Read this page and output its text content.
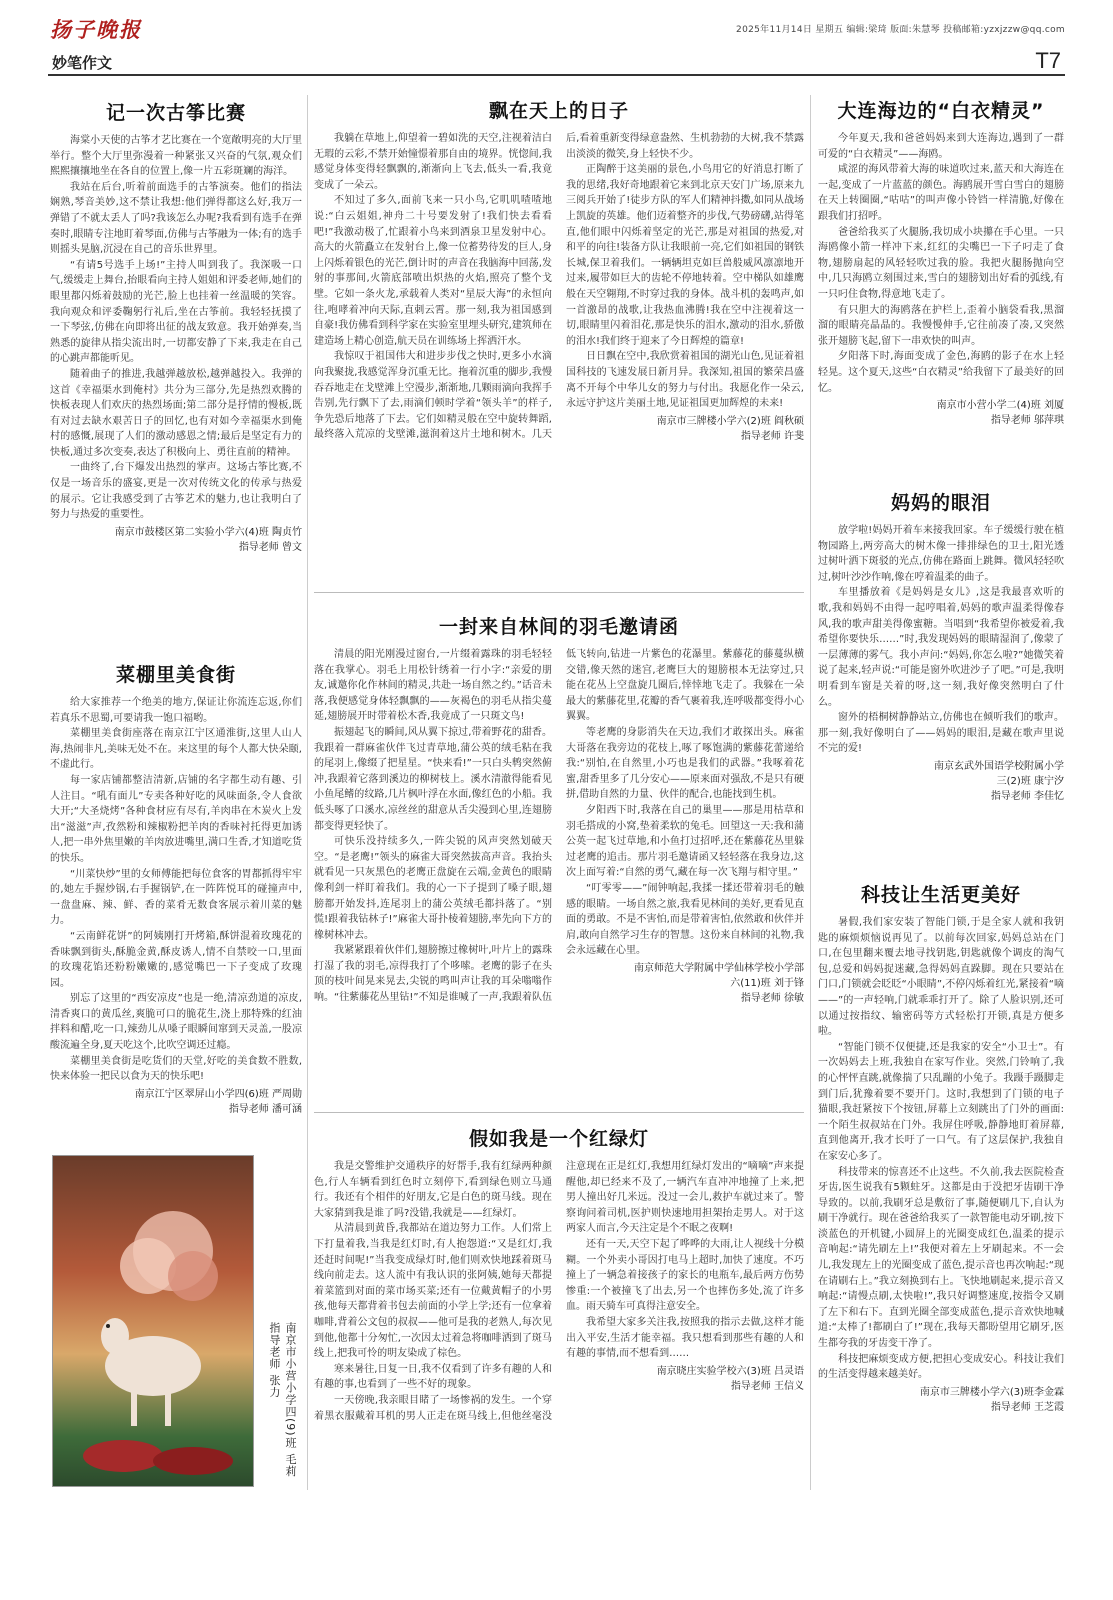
扬子晚报	2025年11月14日 星期五 编辑:梁琦 版面:朱慧琴 投稿邮箱:yzxjzzw@qq.com
妙笔作文	T7
记一次古筝比赛

海棠小天使的古筝才艺比赛在一个宽敞明亮的大厅里举行。整个大厅里弥漫着一种紧张又兴奋的气氛,观众们熙熙攘攘地坐在各自的位置上,像一片五彩斑斓的海洋。

我站在后台,听着前面选手的古筝演奏。他们的指法娴熟,琴音美妙,这不禁让我想:他们弹得都这么好,我万一弹错了不就太丢人了吗?我该怎么办呢?我看到有选手在弹奏时,眼睛专注地盯着琴面,仿佛与古筝融为一体;有的选手则摇头晃脑,沉浸在自己的音乐世界里。

“有请5号选手上场!”主持人叫到我了。我深吸一口气,缓缓走上舞台,抬眼看向主持人姐姐和评委老师,她们的眼里都闪烁着鼓励的光芒,脸上也挂着一丝温暖的笑容。我向观众和评委鞠躬行礼后,坐在古筝前。我轻轻抚摸了一下琴弦,仿佛在向即将出征的战友致意。我开始弹奏,当熟悉的旋律从指尖流出时,一切都安静了下来,我走在自己的心跳声都能听见。

随着曲子的推进,我越弹越放松,越弹越投入。我弹的这首《幸福渠水到俺村》共分为三部分,先是热烈欢腾的快板表现人们欢庆的热烈场面;第二部分是抒情的慢板,既有对过去缺水艰苦日子的回忆,也有对如今幸福渠水到俺村的感慨,展现了人们的激动感恩之情;最后是坚定有力的快板,通过多次变奏,表达了积极向上、勇往直前的精神。

一曲终了,台下爆发出热烈的掌声。这场古筝比赛,不仅是一场音乐的盛宴,更是一次对传统文化的传承与热爱的展示。它让我感受到了古筝艺术的魅力,也让我明白了努力与热爱的重要性。

南京市鼓楼区第二实验小学六(4)班 陶贞竹
指导老师 曾文
菜棚里美食街

给大家推荐一个绝美的地方,保证让你流连忘返,你们若真乐不思蜀,可要请我一饱口福哟。

菜棚里美食街座落在南京江宁区通淮街,这里人山人海,热闹非凡,美味无处不在。来这里的每个人都大快朵颐,不虚此行。

每一家店铺都整洁清新,店铺的名字都生动有趣、引人注目。“吼有面儿”专卖各种好吃的风味面条,令人食欲大开;“大圣烧烤”各种食材应有尽有,羊肉串在木炭火上发出“滋滋”声,孜然粉和辣椒粉把羊肉的香味衬托得更加诱人,把一串外焦里嫩的羊肉放进嘴里,满口生香,才知道吃货的快乐。

“川菜快炒”里的女师傅能把每位食客的胃都抓得牢牢的,她左手握炒锅,右手握锅铲,在一阵阵悦耳的碰撞声中,一盘盘麻、辣、鲜、香的菜肴无数食客展示着川菜的魅力。

“云南鲜花饼”的阿姨刚打开烤箱,酥饼混着玫瑰花的香味飘到街头,酥脆金黄,酥皮诱人,情不自禁咬一口,里面的玫瑰花馅还粉粉嫩嫩的,感觉嘴巴一下子变成了玫瑰园。

别忘了这里的“西安凉皮”也是一绝,清凉劲道的凉皮,清香爽口的黄瓜丝,爽脆可口的脆花生,浇上那特殊的红油拌料和醋,吃一口,辣劲儿从嗓子眼瞬间窜到天灵盖,一股凉酸流遍全身,夏天吃这个,比吹空调还过瘾。

菜棚里美食街是吃货们的天堂,好吃的美食数不胜数,快来体验一把民以食为天的快乐吧!

南京江宁区翠屏山小学四(6)班 严周勋
指导老师 潘可涵
南京市小营小学四(9)班 毛莉 指导老师 张力
飘在天上的日子

我躺在草地上,仰望着一碧如洗的天空,注视着洁白无瑕的云彩,不禁开始憧憬着那自由的境界。恍惚间,我感觉身体变得轻飘飘的,渐渐向上飞去,低头一看,我竟变成了一朵云。

不知过了多久,面前飞来一只小鸟,它叽叽喳喳地说:“白云姐姐,神舟二十号要发射了!我们快去看看吧!”我激动极了,忙跟着小鸟来到酒泉卫星发射中心。高大的火箭矗立在发射台上,像一位蓄势待发的巨人,身上闪烁着银色的光芒,倒计时的声音在我脑海中回荡,发射的事那间,火箭底部喷出炽热的火焰,照亮了整个戈壁。它如一条火龙,承载着人类对“星辰大海”的永恒向往,咆哮着冲向天际,直刺云霄。那一刻,我为祖国感到自豪!我仿佛看到科学家在实验室里埋头研究,建筑师在建造场上精心创造,航天员在训练场上挥洒汗水。

我惊叹于祖国伟大和进步步伐之快时,更多小水滴向我聚拢,我感觉浑身沉重无比。拖着沉重的脚步,我慢吞吞地走在戈壁滩上空漫步,渐渐地,几颗雨滴向我挥手告别,先行飘下了去,雨滴们顿时学着“领头羊”的样子,争先恐后地落了下去。它们如精灵般在空中旋转舞蹈,最终落入荒凉的戈壁滩,滋润着这片土地和树木。几天后,看着重新变得绿意盎然、生机勃勃的大树,我不禁露出淡淡的微笑,身上轻快不少。

正陶醉于这美丽的景色,小鸟用它的好消息打断了我的思绪,我好奇地跟着它来到北京天安门广场,原来九三阅兵开始了!徒步方队的军人们精神抖擞,如同从战场上凯旋的英雄。他们迈着整齐的步伐,气势磅礴,站得笔直,他们眼中闪烁着坚定的光芒,那是对祖国的热爱,对和平的向往!装备方队让我眼前一亮,它们如祖国的钢铁长城,保卫着我们。一辆辆坦克如巨兽般威风凛凛地开过来,履带如巨大的齿轮不停地转着。空中梯队如雄鹰般在天空翱翔,不时穿过我的身体。战斗机的轰鸣声,如一首激昂的战歌,让我热血沸腾!我在空中注视着这一切,眼睛里闪着泪花,那是快乐的泪水,激动的泪水,骄傲的泪水!我们终于迎来了今日辉煌的篇章!

日日飘在空中,我欣赏着祖国的湖光山色,见证着祖国科技的飞速发展日新月异。我深知,祖国的繁荣昌盛离不开每个中华儿女的努力与付出。我愿化作一朵云,永远守护这片美丽土地,见证祖国更加辉煌的未来!

南京市三牌楼小学六(2)班 阎秋硕
指导老师 许斐
一封来自林间的羽毛邀请函

清晨的阳光刚漫过窗台,一片缀着露珠的羽毛轻轻落在我掌心。羽毛上用松针绣着一行小字:“亲爱的朋友,诚邀你化作林间的精灵,共赴一场自然之约。”话音未落,我便感觉身体轻飘飘的——灰褐色的羽毛从指尖蔓延,翅膀展开时带着松木香,我竟成了一只斑文鸟!

振翅起飞的瞬间,风从翼下掠过,带着野花的甜香。我跟着一群麻雀伙伴飞过青草地,蒲公英的绒毛粘在我的尾羽上,像缀了把星星。“快来看!”一只白头鹎突然俯冲,我跟着它落到溪边的柳树枝上。溪水清澈得能看见小鱼尾鳍的纹路,几片枫叶浮在水面,像红色的小船。我低头啄了口溪水,凉丝丝的甜意从舌尖漫到心里,连翅膀都变得更轻快了。

可快乐没持续多久,一阵尖锐的风声突然划破天空。“是老鹰!”领头的麻雀大哥突然拔高声音。我抬头就看见一只灰黑色的老鹰正盘旋在云端,金黄色的眼睛像利剑一样盯着我们。我的心一下子提到了嗓子眼,翅膀都开始发抖,连尾羽上的蒲公英绒毛都抖落了。“别慌!跟着我钻林子!”麻雀大哥扑棱着翅膀,率先向下方的橡树林冲去。

我紧紧跟着伙伴们,翅膀擦过橡树叶,叶片上的露珠打湿了我的羽毛,凉得我打了个哆嗦。老鹰的影子在头顶的枝叶间晃来晃去,尖锐的鸣叫声让我的耳朵嗡嗡作响。“往紫藤花丛里钻!”不知是谁喊了一声,我跟着队伍低飞转向,钻进一片紫色的花瀑里。紫藤花的藤蔓纵横交错,像天然的迷宫,老鹰巨大的翅膀根本无法穿过,只能在花丛上空盘旋几圈后,悻悻地飞走了。我躲在一朵最大的紫藤花里,花瓣的香气裹着我,连呼吸都变得小心翼翼。

等老鹰的身影消失在天边,我们才敢探出头。麻雀大哥落在我旁边的花枝上,啄了啄饱满的紫藤花蕾递给我:“别怕,在自然里,小巧也是我们的武器。”我啄着花蜜,甜香里多了几分安心——原来面对强敌,不是只有硬拼,借助自然的力量、伙伴的配合,也能找到生机。

夕阳西下时,我落在自己的巢里——那是用枯草和羽毛搭成的小窝,垫着柔软的兔毛。回望这一天:我和蒲公英一起飞过草地,和小鱼打过招呼,还在紫藤花丛里躲过老鹰的追击。那片羽毛邀请函又轻轻落在我身边,这次上面写着:“自然的勇气,藏在每一次飞翔与相守里。”

“叮零零——”闹钟响起,我揉一揉还带着羽毛的触感的眼睛。一场自然之旅,我看见林间的美好,更看见直面的勇敢。不是不害怕,而是带着害怕,依然敢和伙伴并肩,敢向自然学习生存的智慧。这份来自林间的礼物,我会永远藏在心里。

南京师范大学附属中学仙林学校小学部
六(11)班 刘于锋
指导老师 徐敏
假如我是一个红绿灯

我是交警维护交通秩序的好帮手,我有红绿两种颜色,行人车辆看到红色时立刻停下,看到绿色则立马通行。我还有个相伴的好朋友,它是白色的斑马线。现在大家猜到我是谁了吗?没错,我就是——红绿灯。

从清晨到黄昏,我都站在道边努力工作。人们常上下打量着我,当我是红灯时,有人抱怨道:“又是红灯,我还赶时间呢!”当我变成绿灯时,他们则欢快地踩着斑马线向前走去。这人流中有我认识的张阿姨,她每天都提着菜篮到对面的菜市场买菜;还有一位戴黄帽子的小男孩,他每天都背着书包去前面的小学上学;还有一位拿着咖啡,背着公文包的叔叔——他可是我的老熟人,每次见到他,他都十分匆忙,一次因太过着急将咖啡洒到了斑马线上,把我可怜的明友染成了棕色。

寒来暑往,日复一日,我不仅看到了许多有趣的人和有趣的事,也看到了一些不好的现象。

一天傍晚,我亲眼目睹了一场惨祸的发生。一个穿着黑衣服戴着耳机的男人正走在斑马线上,但他丝毫没注意现在正是红灯,我想用红绿灯发出的“嘀嘀”声来提醒他,却已经来不及了,一辆汽车直冲冲地撞了上来,把男人撞出好几米远。没过一会儿,救护车就过来了。警察询问着司机,医护则快速地用担架抬走男人。对于这两家人而言,今天注定是个不眠之夜啊!

还有一天,天空下起了哗哗的大雨,让人视线十分模糊。一个外卖小哥因打电马上超时,加快了速度。不巧撞上了一辆急着接孩子的家长的电瓶车,最后两方伤势惨重:一个被撞飞了出去,另一个也摔伤多处,流了许多血。雨天骑车可真得注意安全。

我希望大家多关注我,按照我的指示去做,这样才能出入平安,生活才能幸福。我只想看到那些有趣的人和有趣的事情,而不想看到……

南京晓庄实验学校六(3)班 吕灵语
指导老师 王信义
大连海边的“白衣精灵”

今年夏天,我和爸爸妈妈来到大连海边,遇到了一群可爱的“白衣精灵”——海鸥。

咸涩的海风带着大海的味道吹过来,蓝天和大海连在一起,变成了一片蓝蓝的颜色。海鸥展开雪白雪白的翅膀在天上转圈圈,“咕咕”的叫声像小铃铛一样清脆,好像在跟我们打招呼。

爸爸给我买了火腿肠,我切成小块攥在手心里。一只海鸥像小箭一样冲下来,红红的尖嘴巴一下子叼走了食物,翅膀扇起的风轻轻吹过我的脸。我把火腿肠抛向空中,几只海鸥立刻围过来,雪白的翅膀划出好看的弧线,有一只叼住食物,得意地飞走了。

有只胆大的海鸥落在护栏上,歪着小脑袋看我,黑溜溜的眼睛亮晶晶的。我慢慢伸手,它往前凑了凑,又突然张开翅膀飞起,留下一串欢快的叫声。

夕阳落下时,海面变成了金色,海鸥的影子在水上轻轻晃。这个夏天,这些“白衣精灵”给我留下了最美好的回忆。

南京市小营小学二(4)班 刘厦
指导老师 邬萍琪
妈妈的眼泪

放学啦!妈妈开着车来接我回家。车子缓缓行驶在植物园路上,两旁高大的树木像一排排绿色的卫士,阳光透过树叶洒下斑驳的光点,仿佛在路面上跳舞。微风轻轻吹过,树叶沙沙作响,像在哼着温柔的曲子。

车里播放着《是妈妈是女儿》,这是我最喜欢听的歌,我和妈妈不由得一起哼唱着,妈妈的歌声温柔得像春风,我的歌声甜美得像蜜糖。当唱到“我希望你被爱着,我希望你要快乐……”时,我发现妈妈的眼睛湿润了,像蒙了一层薄薄的雾气。我小声问:“妈妈,你怎么啦?”她微笑着说了起来,轻声说:“可能是窗外吹进沙子了吧。”可是,我明明看到车窗是关着的呀,这一刻,我好像突然明白了什么。

窗外的梧桐树静静站立,仿佛也在倾听我们的歌声。那一刻,我好像明白了——妈妈的眼泪,是藏在歌声里说不完的爱!

南京玄武外国语学校附属小学
三(2)班 康宁汐
指导老师 李佳忆
科技让生活更美好

暑假,我们家安装了智能门锁,于是全家人就和我钥匙的麻烦烦恼说再见了。以前每次回家,妈妈总站在门口,在包里翻来覆去地寻找钥匙,钥匙就像个调皮的淘气包,总爱和妈妈捉迷藏,急得妈妈直跺脚。现在只要站在门口,门锁就会眨眨“小眼睛”,不停闪烁着红光,紧接着“嘀——”的一声轻响,门就乖乖打开了。除了人脸识别,还可以通过按指纹、输密码等方式轻松打开锁,真是方便多啦。

“智能门锁不仅便捷,还是我家的安全“小卫士”。有一次妈妈去上班,我独自在家写作业。突然,门铃响了,我的心怦怦直跳,就像揣了只乱蹦的小兔子。我蹑手蹑脚走到门后,犹豫着要不要开门。这时,我想到了门锁的电子猫眼,我赶紧按下个按钮,屏幕上立刻跳出了门外的画面:一个陌生叔叔站在门外。我屏住呼吸,静静地盯着屏幕,直到他离开,我才长吁了一口气。有了这层保护,我独自在家安心多了。

科技带来的惊喜还不止这些。不久前,我去医院检查牙齿,医生说我有5颗蛀牙。这都是由于没把牙齿刷干净导致的。以前,我刷牙总是敷衍了事,随便刷几下,自认为刷干净就行。现在爸爸给我买了一款智能电动牙刷,按下淡蓝色的开机键,小圆屏上的光圈变成红色,温柔的提示音响起:“请先刷左上!”我便对着左上牙刷起来。不一会儿,我发现左上的光圈变成了蓝色,提示音也再次响起:“现在请刷右上。”我立刻换到右上。飞快地刷起来,提示音又响起:“请慢点刷,太快啦!”,我只好调整速度,按指令又刷了左下和右下。直到光圈全部变成蓝色,提示音欢快地喊道:“太棒了!都刷白了!”现在,我每天都盼望用它刷牙,医生都夸我的牙齿变干净了。

科技把麻烦变成方便,把担心变成安心。科技让我们的生活变得越来越美好。

南京市三牌楼小学六(3)班李金霖
指导老师 王芝霞
